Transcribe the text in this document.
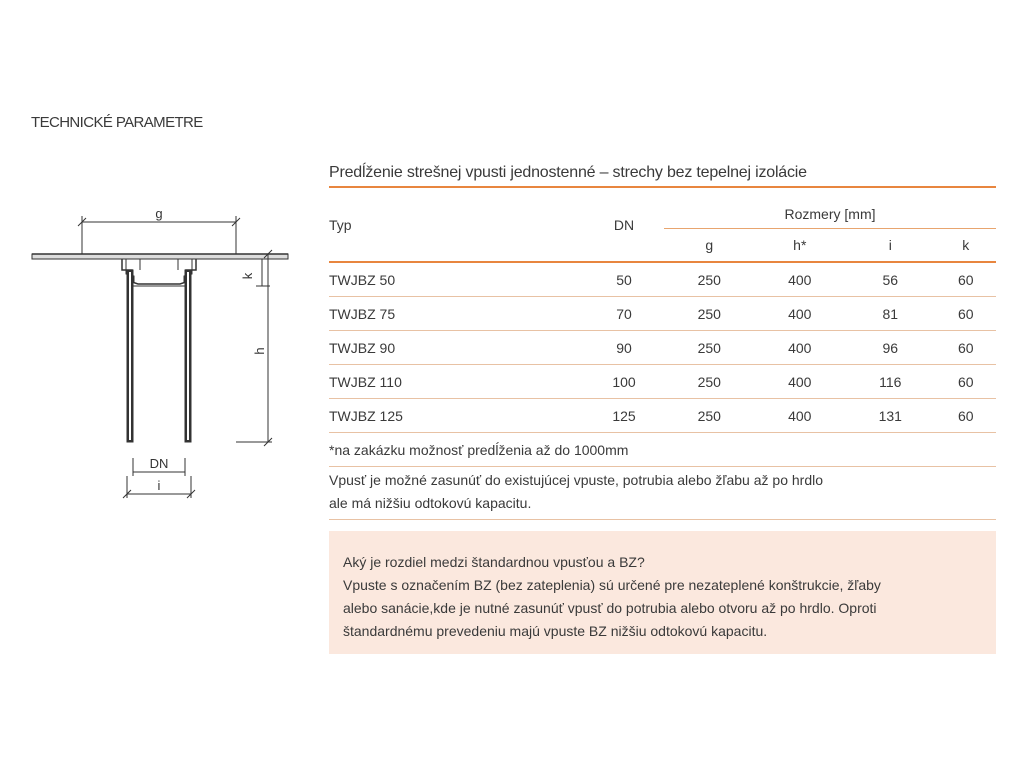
TECHNICKÉ PARAMETRE
g
k
h
DN
i
Predĺženie strešnej vpusti jednostenné – strechy bez tepelnej izolácie
Typ	DN	Rozmery [mm]			
		g	h*	i	k
TWJBZ 50	50	250	400	56	60
TWJBZ 75	70	250	400	81	60
TWJBZ 90	90	250	400	96	60
TWJBZ 110	100	250	400	116	60
TWJBZ 125	125	250	400	131	60
*na zakázku možnosť predĺženia až do 1000mm					
Vpusť je možné zasunúť do existujúcej vpuste, potrubia alebo žľabu až po hrdlo
ale má nižšiu odtokovú kapacitu.

Aký je rozdiel medzi štandardnou vpusťou a BZ?
Vpuste s označením BZ (bez zateplenia) sú určené pre nezateplené konštrukcie, žľaby
alebo sanácie,kde je nutné zasunúť vpusť do potrubia alebo otvoru až po hrdlo. Oproti
štandardnému prevedeniu majú vpuste BZ nižšiu odtokovú kapacitu.
